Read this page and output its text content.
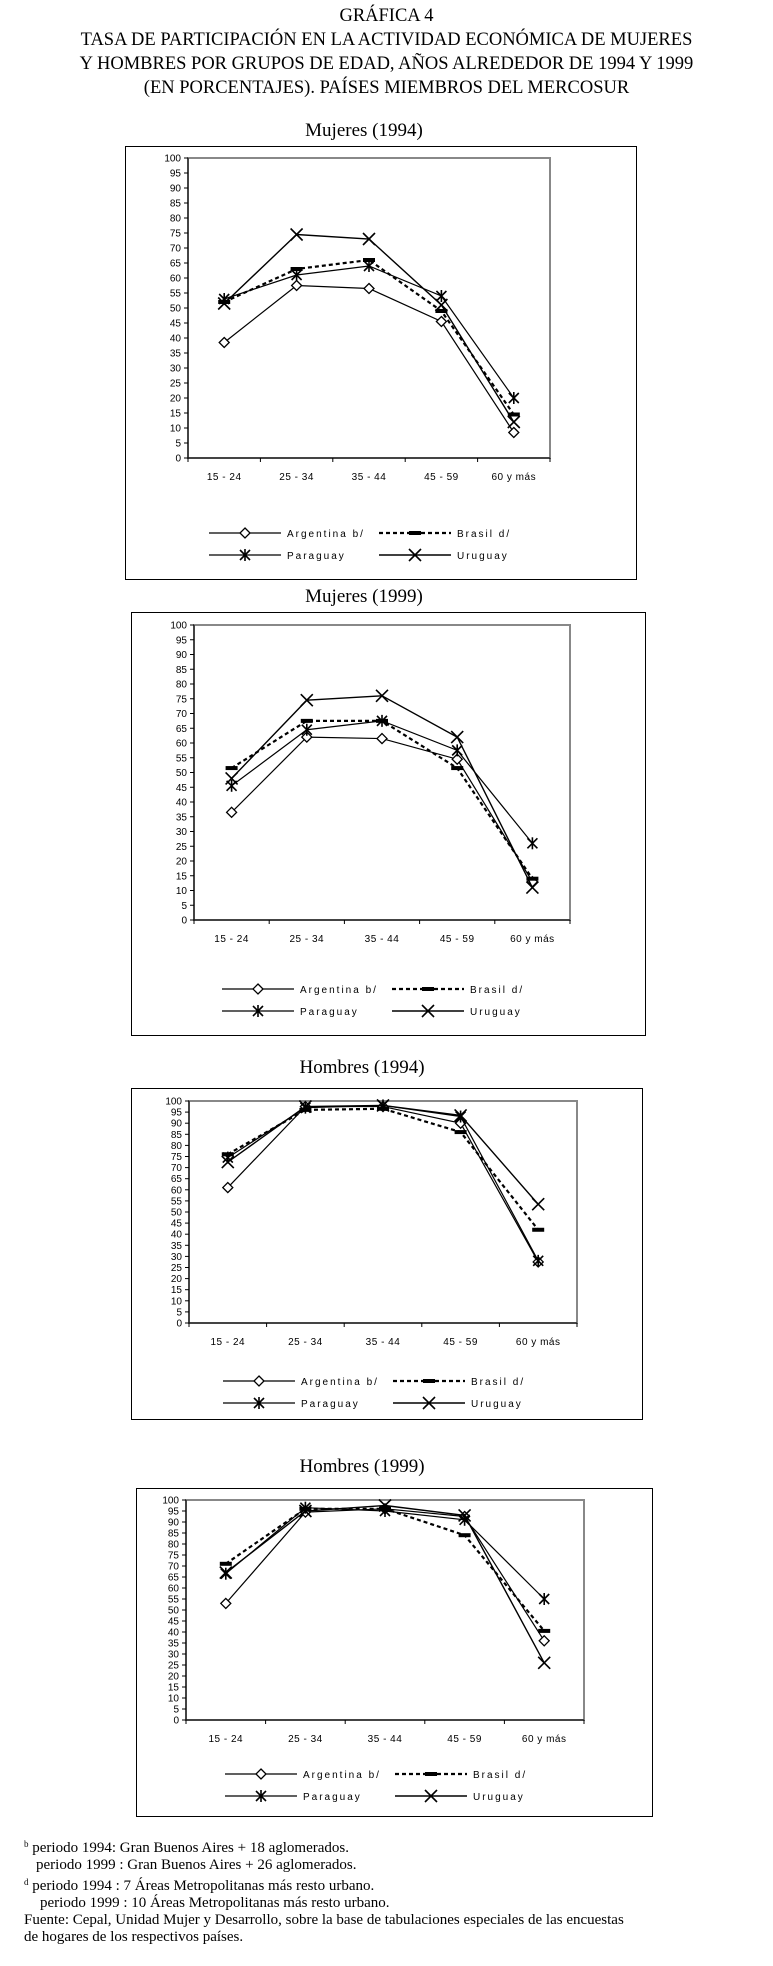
GRÁFICA 4
TASA DE PARTICIPACIÓN EN LA ACTIVIDAD ECONÓMICA DE MUJERES
Y HOMBRES POR GRUPOS DE EDAD, AÑOS ALREDEDOR DE 1994 Y 1999
(EN PORCENTAJES). PAÍSES MIEMBROS DEL MERCOSUR
Mujeres (1994)
0
5
10
15
20
25
30
35
40
45
50
55
60
65
70
75
80
85
90
95
100
15 - 24	25 - 34	35 - 44	45 - 59	60 y más
Argentina b/	Brasil d/
Paraguay	Uruguay
Mujeres (1999)
0
5
10
15
20
25
30
35
40
45
50
55
60
65
70
75
80
85
90
95
100
15 - 24	25 - 34	35 - 44	45 - 59	60 y más
Argentina b/	Brasil d/
Paraguay	Uruguay
Hombres (1994)
0
5
10
15
20
25
30
35
40
45
50
55
60
65
70
75
80
85
90
95
100
15 - 24	25 - 34	35 - 44	45 - 59	60 y más
Argentina b/	Brasil d/
Paraguay	Uruguay
Hombres (1999)
0
5
10
15
20
25
30
35
40
45
50
55
60
65
70
75
80
85
90
95
100
15 - 24	25 - 34	35 - 44	45 - 59	60 y más
Argentina b/	Brasil d/
Paraguay	Uruguay
$^b$ periodo 1994: Gran Buenos Aires + 18 aglomerados.
periodo 1999 : Gran Buenos Aires + 26 aglomerados.
$^d$ periodo 1994 : 7 Áreas Metropolitanas más resto urbano.
periodo 1999 : 10 Áreas Metropolitanas más resto urbano.
Fuente: Cepal, Unidad Mujer y Desarrollo, sobre la base de tabulaciones especiales de las encuestas
de hogares de los respectivos países.
